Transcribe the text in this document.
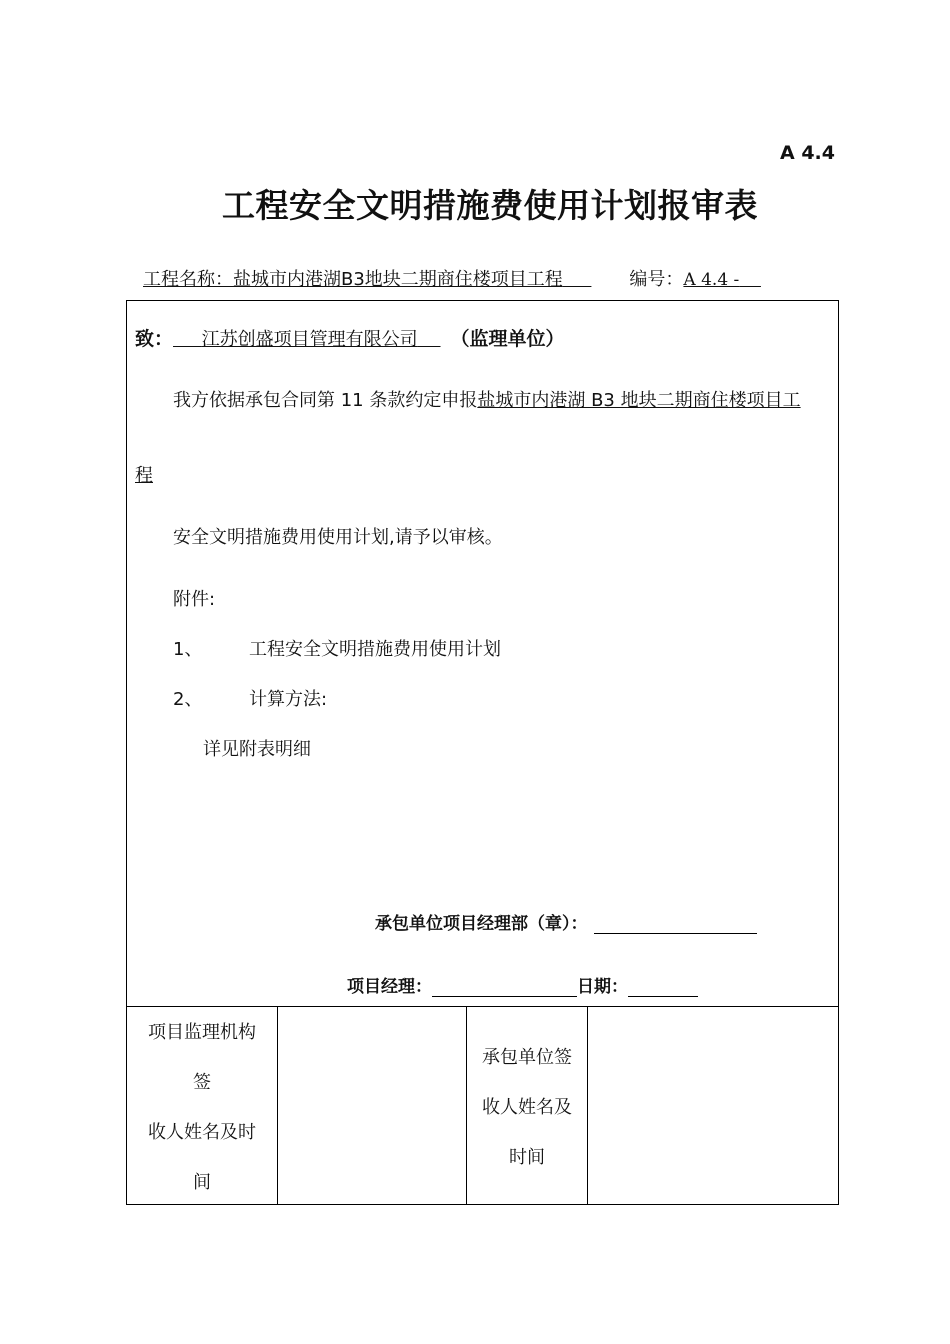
A 4.4
工程安全文明措施费使用计划报审表
工程名称：盐城市内港湖B3地块二期商住楼项目工程	编号：A 4.4 -
致： 江苏创盛项目管理有限公司 （监理单位）
我方依据承包合同第 11 条款约定申报盐城市内港湖 B3 地块二期商住楼项目工
程
安全文明措施费用使用计划,请予以审核。
附件:
1、	工程安全文明措施费用使用计划
2、	计算方法:
详见附表明细
承包单位项目经理部（章）：
项目经理：	日期：
项目监理机构
签
收人姓名及时
间
承包单位签
收人姓名及
时间
